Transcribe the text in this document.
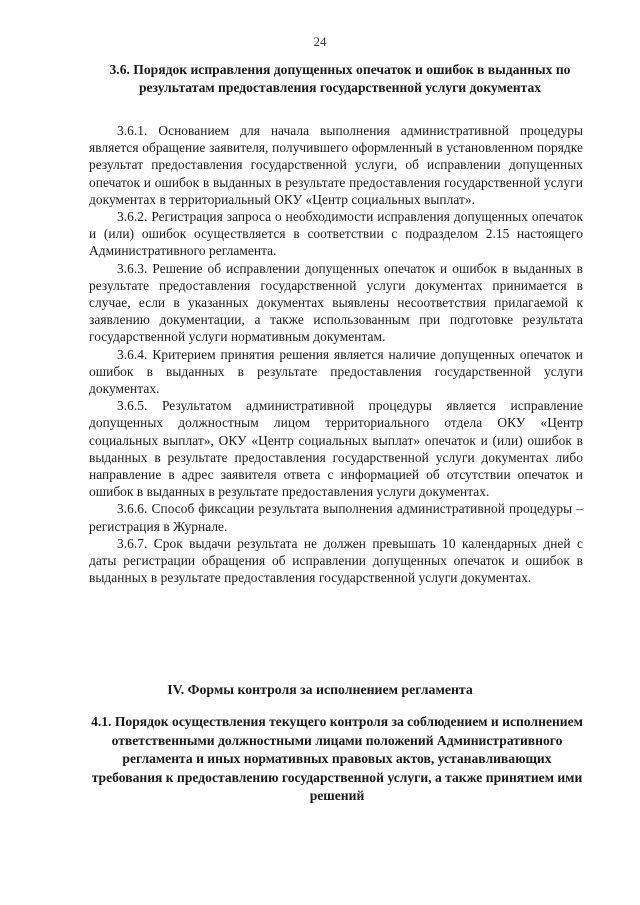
24
3.6. Порядок исправления допущенных опечаток и ошибок в выданных по результатам предоставления государственной услуги документах

3.6.1. Основанием для начала выполнения административной процедуры является обращение заявителя, получившего оформленный в установленном порядке результат предоставления государственной услуги, об исправлении допущенных опечаток и ошибок в выданных в результате предоставления государственной услуги документах в территориальный ОКУ «Центр социальных выплат».

3.6.2. Регистрация запроса о необходимости исправления допущенных опечаток и (или) ошибок осуществляется в соответствии с подразделом 2.15 настоящего Административного регламента.

3.6.3. Решение об исправлении допущенных опечаток и ошибок в выданных в результате предоставления государственной услуги документах принимается в случае, если в указанных документах выявлены несоответствия прилагаемой к заявлению документации, а также использованным при подготовке результата государственной услуги нормативным документам.

3.6.4. Критерием принятия решения является наличие допущенных опечаток и ошибок в выданных в результате предоставления государственной услуги документах.

3.6.5. Результатом административной процедуры является исправление допущенных должностным лицом территориального отдела ОКУ «Центр социальных выплат», ОКУ «Центр социальных выплат» опечаток и (или) ошибок в выданных в результате предоставления государственной услуги документах либо направление в адрес заявителя ответа с информацией об отсутствии опечаток и ошибок в выданных в результате предоставления услуги документах.

3.6.6. Способ фиксации результата выполнения административной процедуры – регистрация в Журнале.

3.6.7. Срок выдачи результата не должен превышать 10 календарных дней с даты регистрации обращения об исправлении допущенных опечаток и ошибок в выданных в результате предоставления государственной услуги документах.

IV. Формы контроля за исполнением регламента
4.1. Порядок осуществления текущего контроля за соблюдением и исполнением ответственными должностными лицами положений Административного регламента и иных нормативных правовых актов, устанавливающих требования к предоставлению государственной услуги, а также принятием ими решений
